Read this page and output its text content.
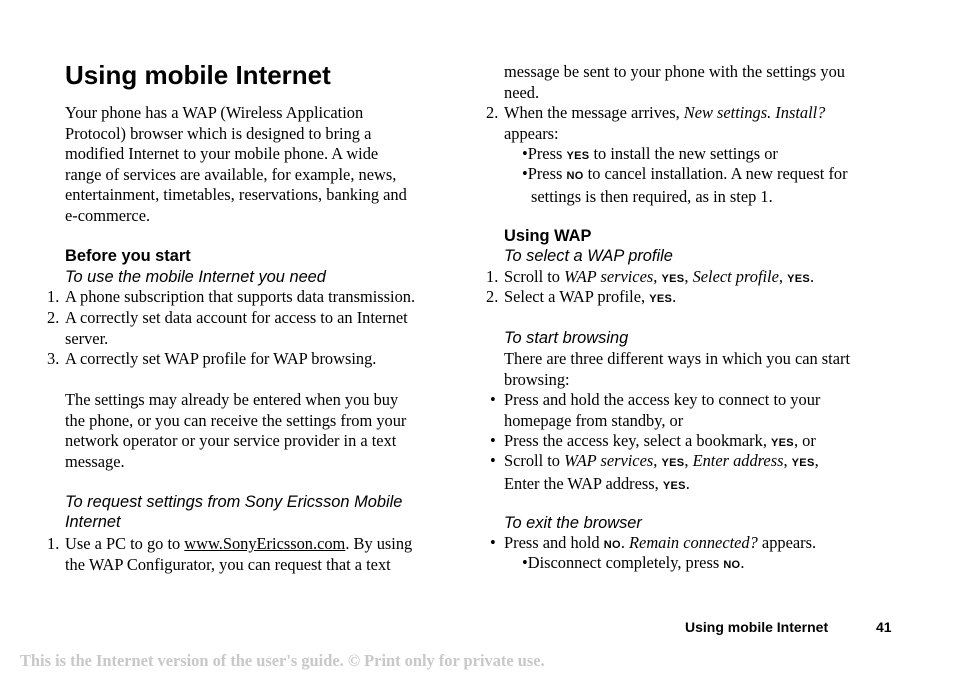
Using mobile Internet
Your phone has a WAP (Wireless Application
Protocol) browser which is designed to bring a
modified Internet to your mobile phone. A wide
range of services are available, for example, news,
entertainment, timetables, reservations, banking and
e-commerce.
Before you start
To use the mobile Internet you need
1. A phone subscription that supports data transmission.
2. A correctly set data account for access to an Internet
server.
3. A correctly set WAP profile for WAP browsing.
The settings may already be entered when you buy
the phone, or you can receive the settings from your
network operator or your service provider in a text
message.
To request settings from Sony Ericsson Mobile
Internet
1. Use a PC to go to www.SonyEricsson.com. By using
the WAP Configurator, you can request that a text
message be sent to your phone with the settings you
need.
2. When the message arrives, New settings. Install?
appears:
•Press YES to install the new settings or
•Press NO to cancel installation. A new request for
settings is then required, as in step 1.
Using WAP
To select a WAP profile
1. Scroll to WAP services, YES, Select profile, YES.
2. Select a WAP profile, YES.
To start browsing
There are three different ways in which you can start
browsing:
• Press and hold the access key to connect to your
homepage from standby, or
• Press the access key, select a bookmark, YES, or
• Scroll to WAP services, YES, Enter address, YES,
Enter the WAP address, YES.
To exit the browser
• Press and hold NO. Remain connected? appears.
•Disconnect completely, press NO.
Using mobile Internet	41
This is the Internet version of the user's guide. © Print only for private use.
